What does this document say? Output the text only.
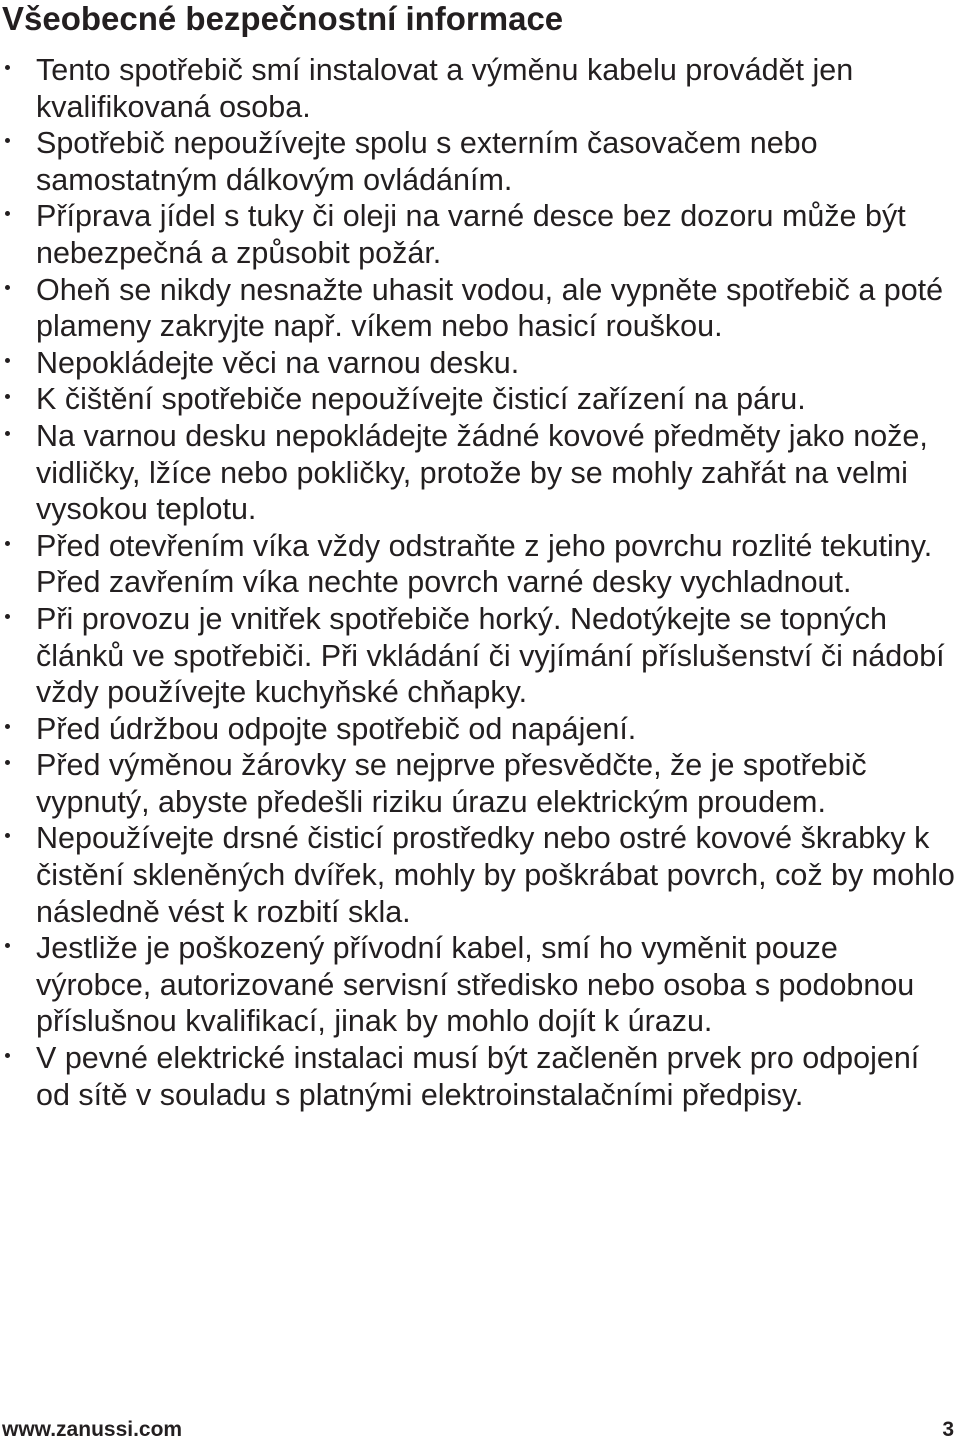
Všeobecné bezpečnostní informace
Tento spotřebič smí instalovat a výměnu kabelu provádět jen kvalifikovaná osoba.
Spotřebič nepoužívejte spolu s externím časovačem nebo samostatným dálkovým ovládáním.
Příprava jídel s tuky či oleji na varné desce bez dozoru může být nebezpečná a způsobit požár.
Oheň se nikdy nesnažte uhasit vodou, ale vypněte spotřebič a poté plameny zakryjte např. víkem nebo hasicí rouškou.
Nepokládejte věci na varnou desku.
K čištění spotřebiče nepoužívejte čisticí zařízení na páru.
Na varnou desku nepokládejte žádné kovové předměty jako nože, vidličky, lžíce nebo pokličky, protože by se mohly zahřát na velmi vysokou teplotu.
Před otevřením víka vždy odstraňte z jeho povrchu rozlité tekutiny. Před zavřením víka nechte povrch varné desky vychladnout.
Při provozu je vnitřek spotřebiče horký. Nedotýkejte se topných článků ve spotřebiči. Při vkládání či vyjímání příslušenství či nádobí vždy používejte kuchyňské chňapky.
Před údržbou odpojte spotřebič od napájení.
Před výměnou žárovky se nejprve přesvědčte, že je spotřebič vypnutý, abyste předešli riziku úrazu elektrickým proudem.
Nepoužívejte drsné čisticí prostředky nebo ostré kovové škrabky k čistění skleněných dvířek, mohly by poškrábat povrch, což by mohlo následně vést k rozbití skla.
Jestliže je poškozený přívodní kabel, smí ho vyměnit pouze výrobce, autorizované servisní středisko nebo osoba s podobnou příslušnou kvalifikací, jinak by mohlo dojít k úrazu.
V pevné elektrické instalaci musí být začleněn prvek pro odpojení od sítě v souladu s platnými elektroinstalačními předpisy.
www.zanussi.com	3
